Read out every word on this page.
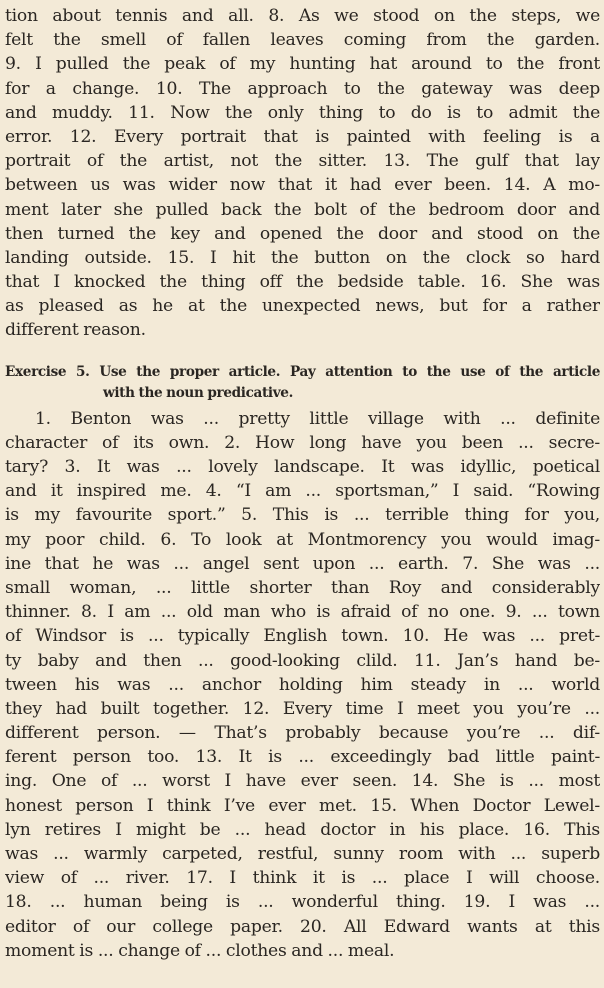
tion about tennis and all. 8. As we stood on the steps, we
felt the smell of fallen leaves coming from the garden.
9. I pulled the peak of my hunting hat around to the front
for a change. 10. The approach to the gateway was deep
and muddy. 11. Now the only thing to do is to admit the
error. 12. Every portrait that is painted with feeling is a
portrait of the artist, not the sitter. 13. The gulf that lay
between us was wider now that it had ever been. 14. A mo-
ment later she pulled back the bolt of the bedroom door and
then turned the key and opened the door and stood on the
landing outside. 15. I hit the button on the clock so hard
that I knocked the thing off the bedside table. 16. She was
as pleased as he at the unexpected news, but for a rather
different reason.
Exercise 5. Use the proper article. Pay attention to the use of the article
with the noun predicative.
1. Benton was ... pretty little village with ... definite
character of its own. 2. How long have you been ... secre-
tary? 3. It was ... lovely landscape. It was idyllic, poetical
and it inspired me. 4. “I am ... sportsman,” I said. “Rowing
is my favourite sport.” 5. This is ... terrible thing for you,
my poor child. 6. To look at Montmorency you would imag-
ine that he was ... angel sent upon ... earth. 7. She was ...
small woman, ... little shorter than Roy and considerably
thinner. 8. I am ... old man who is afraid of no one. 9. ... town
of Windsor is ... typically English town. 10. He was ... pret-
ty baby and then ... good-looking clild. 11. Jan’s hand be-
tween his was ... anchor holding him steady in ... world
they had built together. 12. Every time I meet you you’re ...
different person. — That’s probably because you’re ... dif-
ferent person too. 13. It is ... exceedingly bad little paint-
ing. One of ... worst I have ever seen. 14. She is ... most
honest person I think I’ve ever met. 15. When Doctor Lewel-
lyn retires I might be ... head doctor in his place. 16. This
was ... warmly carpeted, restful, sunny room with ... superb
view of ... river. 17. I think it is ... place I will choose.
18. ... human being is ... wonderful thing. 19. I was ...
editor of our college paper. 20. All Edward wants at this
moment is ... change of ... clothes and ... meal.
